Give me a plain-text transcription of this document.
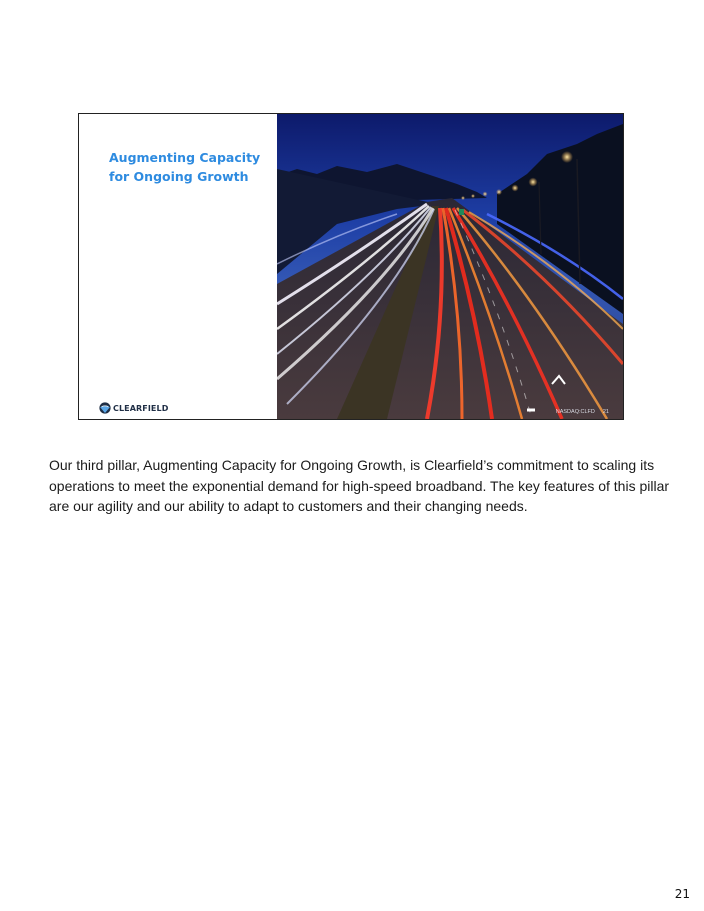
Augmenting Capacity
for Ongoing Growth
CLEARFIELD	NASDAQ:CLFD 21

Our third pillar, Augmenting Capacity for Ongoing Growth, is Clearfield’s commitment to scaling its operations to meet the exponential demand for high-speed broadband. The key features of this pillar are our agility and our ability to adapt to customers and their changing needs.

21
